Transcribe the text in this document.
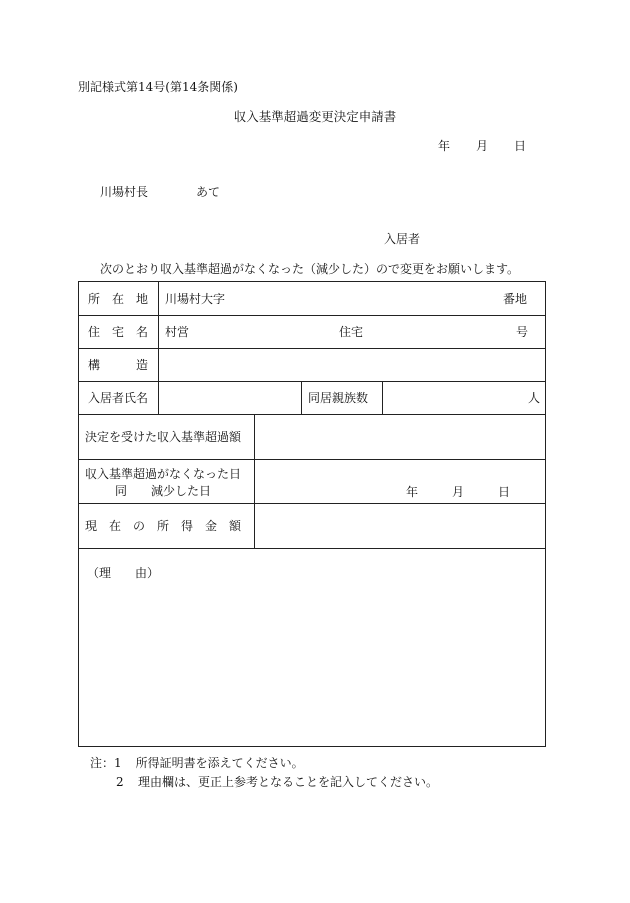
別記様式第14号(第14条関係)
収入基準超過変更決定申請書
年 月 日
川場村長	あて
入居者
次のとおり収入基準超過がなくなった（減少した）ので変更をお願いします。
所　在　地 川場村大字	番地
住　宅　名 村営	住宅	号
構　　　造
入居者氏名	同居親族数	人
決定を受けた収入基準超過額
収入基準超過がなくなった日
同　　減少した日	年	月	日
現　在　の　所　得　金　額
（理　　由）
注：1 所得証明書を添えてください。
2 理由欄は、更正上参考となることを記入してください。
